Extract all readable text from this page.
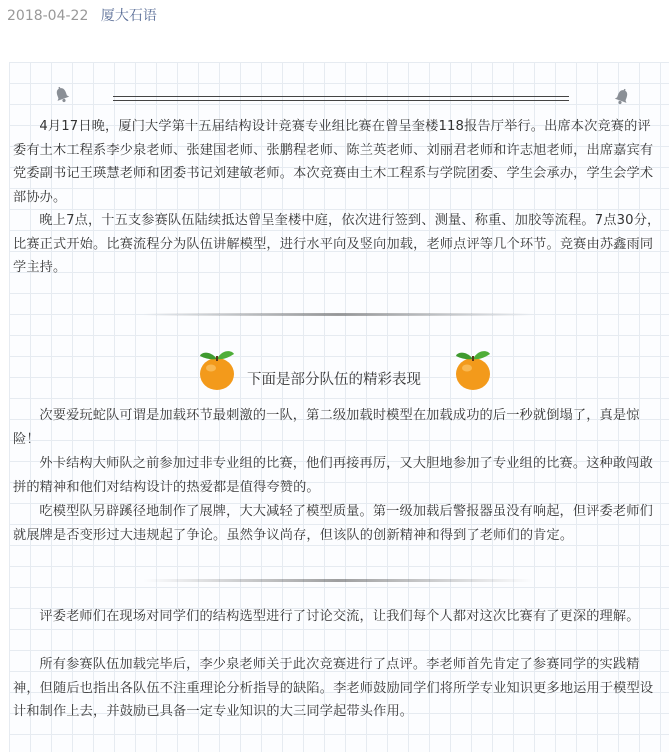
2018-04-22 厦大石语

4月17日晚，厦门大学第十五届结构设计竞赛专业组比赛在曾呈奎楼118报告厅举行。出席本次竞赛的评委有土木工程系李少泉老师、张建国老师、张鹏程老师、陈兰英老师、刘丽君老师和许志旭老师，出席嘉宾有党委副书记王瑛慧老师和团委书记刘建敏老师。本次竞赛由土木工程系与学院团委、学生会承办，学生会学术部协办。

晚上7点，十五支参赛队伍陆续抵达曾呈奎楼中庭，依次进行签到、测量、称重、加胶等流程。7点30分，比赛正式开始。比赛流程分为队伍讲解模型，进行水平向及竖向加载，老师点评等几个环节。竞赛由苏鑫雨同学主持。

下面是部分队伍的精彩表现

次要爱玩蛇队可谓是加载环节最刺激的一队，第二级加载时模型在加载成功的后一秒就倒塌了，真是惊险！

外卡结构大师队之前参加过非专业组的比赛，他们再接再厉，又大胆地参加了专业组的比赛。这种敢闯敢拼的精神和他们对结构设计的热爱都是值得夸赞的。

吃模型队另辟蹊径地制作了展牌，大大减轻了模型质量。第一级加载后警报器虽没有响起，但评委老师们就展牌是否变形过大违规起了争论。虽然争议尚存，但该队的创新精神和得到了老师们的肯定。

评委老师们在现场对同学们的结构选型进行了讨论交流，让我们每个人都对这次比赛有了更深的理解。

所有参赛队伍加载完毕后，李少泉老师关于此次竞赛进行了点评。李老师首先肯定了参赛同学的实践精神，但随后也指出各队伍不注重理论分析指导的缺陷。李老师鼓励同学们将所学专业知识更多地运用于模型设计和制作上去，并鼓励已具备一定专业知识的大三同学起带头作用。
